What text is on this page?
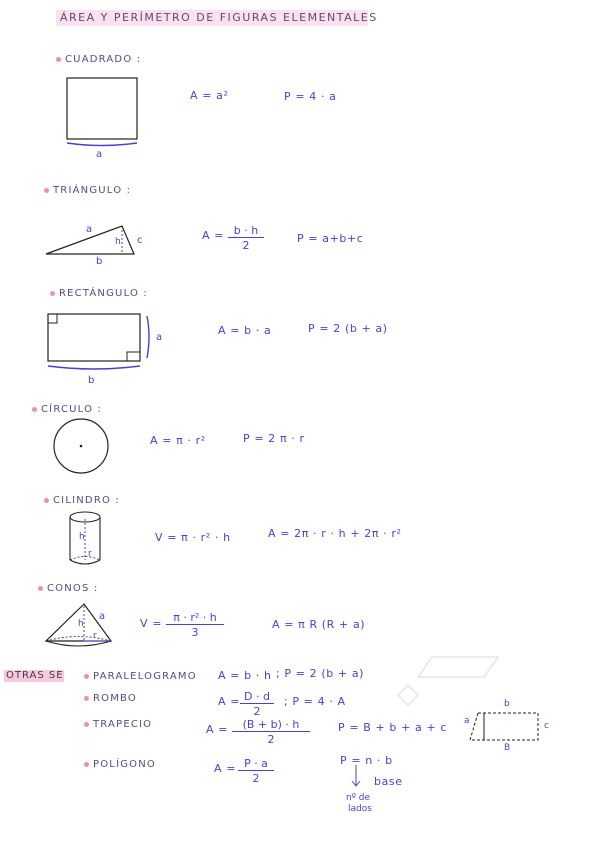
ÁREA Y PERÍMETRO DE FIGURAS ELEMENTALES
CUADRADO :
a
A = a²	P = 4 · a
TRIÁNGULO :
a
b
c
h	$A = \frac{b \cdot h}{2}$	P = a+b+c
RECTÁNGULO :
a
b
A = b · a	P = 2 (b + a)
CÍRCULO :
A = π · r²	P = 2 π · r
CILINDRO :
h
r
V = π · r² · h	A = 2π · r · h + 2π · r²
CONOS :
a
h
r
$V = \frac{\text{π · r² · h}}{3}$	A = π R (R + a)
OTRAS SE	PARALELOGRAMO A = b · h ; P = 2 (b + a)
ROMBO	$A = \frac{D \cdot d}{2}$ ; P = 4 · A
TRAPECIO	$A = \frac{(B + b) \cdot h}{2}$	P = B + b + a + c
b
B
a	c
POLÍGONO	$A = \frac{P \cdot a}{2}$	P = n · b
base
nº de
lados
